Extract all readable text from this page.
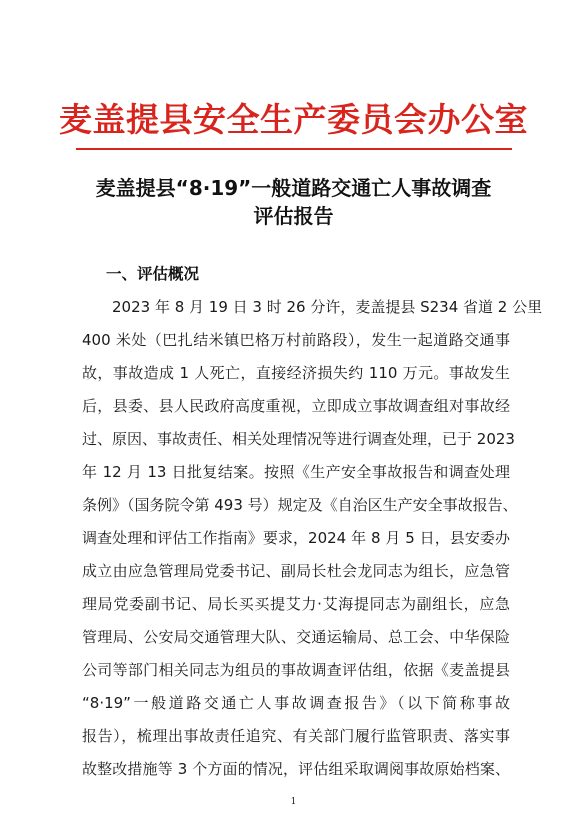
麦盖提县安全生产委员会办公室
麦盖提县“8·19”一般道路交通亡人事故调查
评估报告
一、评估概况
2023 年 8 月 19 日 3 时 26 分许，麦盖提县 S234 省道 2 公里
400 米处（巴扎结米镇巴格万村前路段），发生一起道路交通事
故，事故造成 1 人死亡，直接经济损失约 110 万元。事故发生
后，县委、县人民政府高度重视，立即成立事故调查组对事故经
过、原因、事故责任、相关处理情况等进行调查处理，已于 2023
年 12 月 13 日批复结案。按照《生产安全事故报告和调查处理
条例》（国务院令第 493 号）规定及《自治区生产安全事故报告、
调查处理和评估工作指南》要求，2024 年 8 月 5 日，县安委办
成立由应急管理局党委书记、副局长杜会龙同志为组长，应急管
理局党委副书记、局长买买提艾力·艾海提同志为副组长，应急
管理局、公安局交通管理大队、交通运输局、总工会、中华保险
公司等部门相关同志为组员的事故调查评估组，依据《麦盖提县
“8·19”一般道路交通亡人事故调查报告》（以下简称事故
报告），梳理出事故责任追究、有关部门履行监管职责、落实事
故整改措施等 3 个方面的情况，评估组采取调阅事故原始档案、
1
